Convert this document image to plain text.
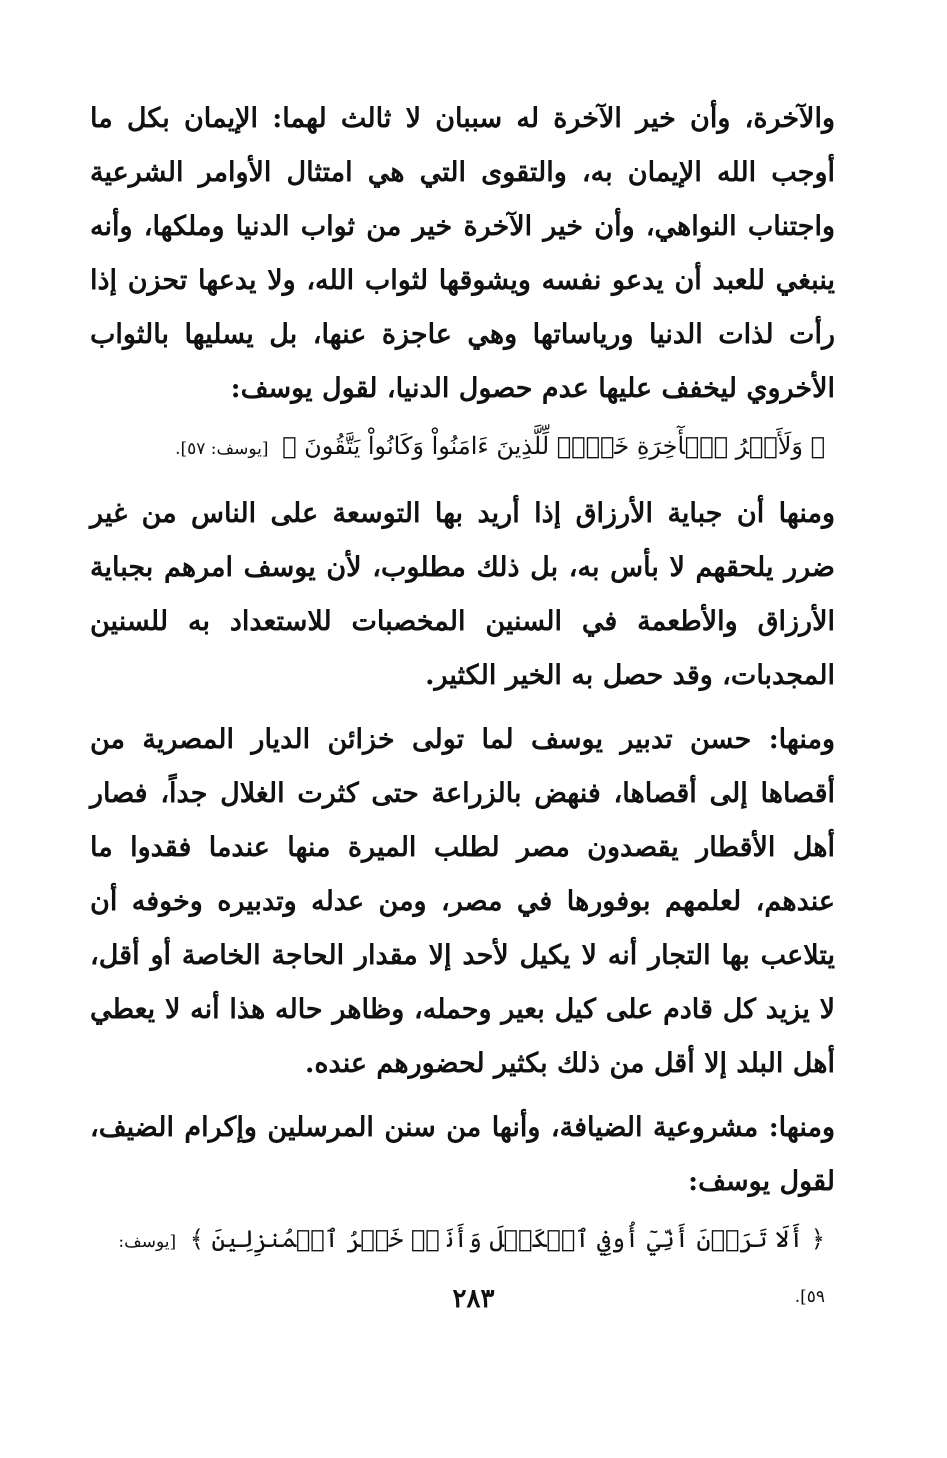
والآخرة، وأن خير الآخرة له سببان لا ثالث لهما: الإيمان بكل ما أوجب الله الإيمان به، والتقوى التي هي امتثال الأوامر الشرعية واجتناب النواهي، وأن خير الآخرة خير من ثواب الدنيا وملكها، وأنه ينبغي للعبد أن يدعو نفسه ويشوقها لثواب الله، ولا يدعها تحزن إذا رأت لذات الدنيا ورياساتها وهي عاجزة عنها، بل يسليها بالثواب الأخروي ليخفف عليها عدم حصول الدنيا، لقول يوسف:

﴿ وَلَأَجۡرُ ٱلۡأٓخِرَةِ خَيۡرٞ لِّلَّذِينَ ءَامَنُواْ وَكَانُواْ يَتَّقُونَ ﴾ [يوسف: ٥٧].

ومنها أن جباية الأرزاق إذا أريد بها التوسعة على الناس من غير ضرر يلحقهم لا بأس به، بل ذلك مطلوب، لأن يوسف امرهم بجباية الأرزاق والأطعمة في السنين المخصبات للاستعداد به للسنين المجدبات، وقد حصل به الخير الكثير.

ومنها: حسن تدبير يوسف لما تولى خزائن الديار المصرية من أقصاها إلى أقصاها، فنهض بالزراعة حتى كثرت الغلال جداً، فصار أهل الأقطار يقصدون مصر لطلب الميرة منها عندما فقدوا ما عندهم، لعلمهم بوفورها في مصر، ومن عدله وتدبيره وخوفه أن يتلاعب بها التجار أنه لا يكيل لأحد إلا مقدار الحاجة الخاصة أو أقل، لا يزيد كل قادم على كيل بعير وحمله، وظاهر حاله هذا أنه لا يعطي أهل البلد إلا أقل من ذلك بكثير لحضورهم عنده.

ومنها: مشروعية الضيافة، وأنها من سنن المرسلين وإكرام الضيف، لقول يوسف:

﴿ أَلَا تَرَوۡنَ أَنِّيٓ أُوفِي ٱلۡكَيۡلَ وَأَنَا۠ خَيۡرُ ٱلۡمُنزِلِينَ ﴾ [يوسف: ٥٩].

٢٨٣
